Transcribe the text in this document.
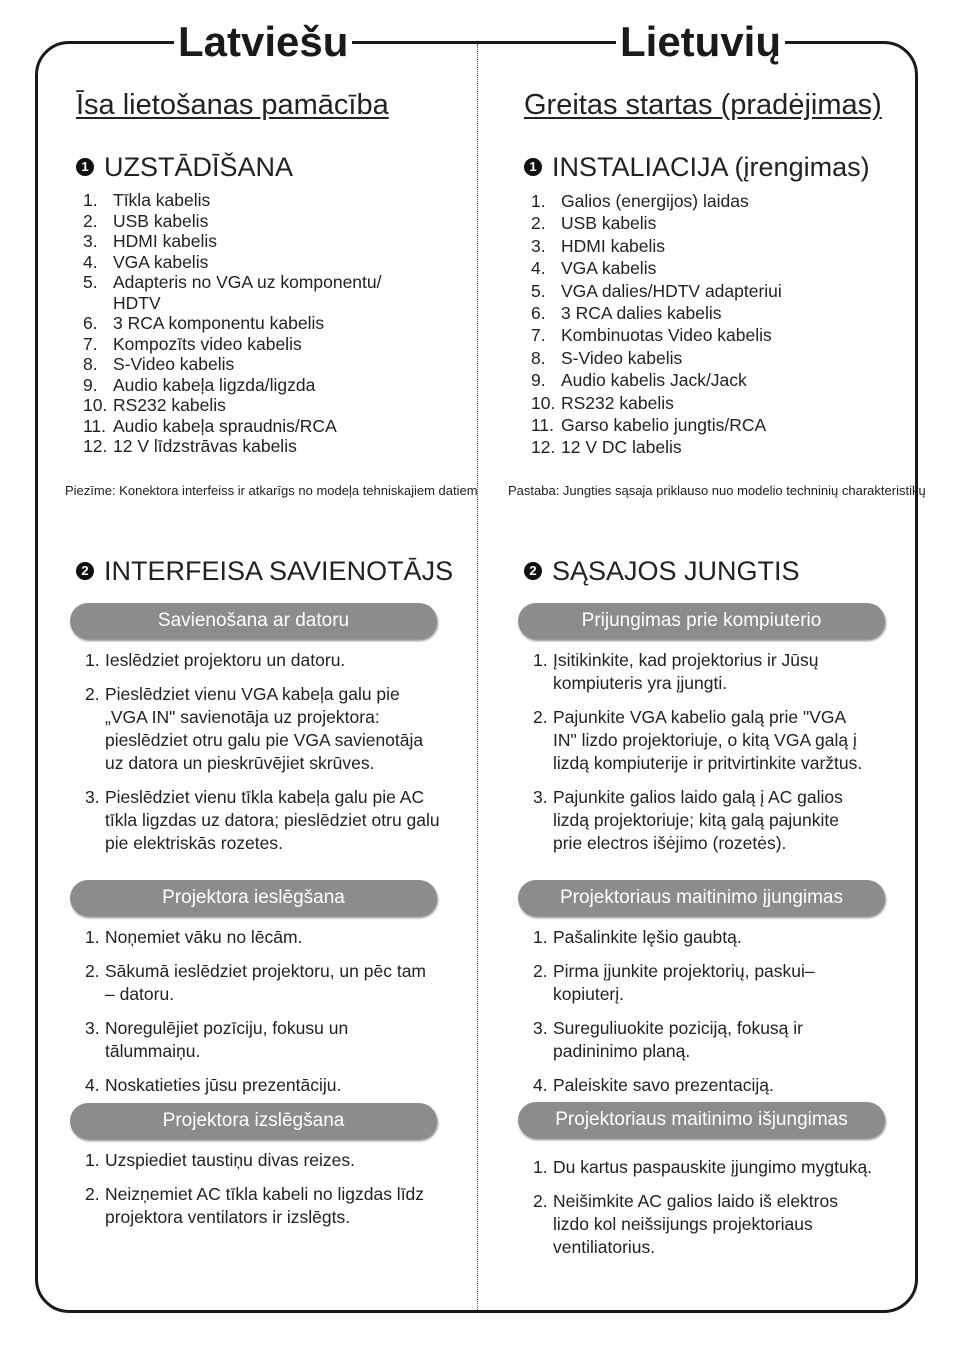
Latviešu
Īsa lietošanas pamācība
1 UZSTĀDĪŠANA
1. Tīkla kabelis
2. USB kabelis
3. HDMI kabelis
4. VGA kabelis
5. Adapteris no VGA uz komponentu/ HDTV
6. 3 RCA komponentu kabelis
7. Kompozīts video kabelis
8. S-Video kabelis
9. Audio kabeļa ligzda/ligzda
10. RS232 kabelis
11. Audio kabeļa spraudnis/RCA
12. 12 V līdzstrāvas kabelis
Piezīme: Konektora interfeiss ir atkarīgs no modeļa tehniskajiem datiem
2 INTERFEISA SAVIENOTĀJS
Savienošana ar datoru
1. Ieslēdziet projektoru un datoru.
2. Pieslēdziet vienu VGA kabeļa galu pie „VGA IN" savienotāja uz projektora: pieslēdziet otru galu pie VGA savienotāja uz datora un pieskrūvējiet skrūves.
3. Pieslēdziet vienu tīkla kabeļa galu pie AC tīkla ligzdas uz datora; pieslēdziet otru galu pie elektriskās rozetes.
Projektora ieslēgšana
1. Noņemiet vāku no lēcām.
2. Sākumā ieslēdziet projektoru, un pēc tam – datoru.
3. Noregulējiet pozīciju, fokusu un tālummaiņu.
4. Noskatieties jūsu prezentāciju.
Projektora izslēgšana
1. Uzspiediet taustiņu divas reizes.
2. Neizņemiet AC tīkla kabeli no ligzdas līdz projektora ventilators ir izslēgts.
Lietuvių
Greitas startas (pradėjimas)
1 INSTALIACIJA (įrengimas)
1. Galios (energijos) laidas
2. USB kabelis
3. HDMI kabelis
4. VGA kabelis
5. VGA dalies/HDTV adapteriui
6. 3 RCA dalies kabelis
7. Kombinuotas Video kabelis
8. S-Video kabelis
9. Audio kabelis Jack/Jack
10. RS232 kabelis
11. Garso kabelio jungtis/RCA
12. 12 V DC labelis
Pastaba: Jungties sąsaja priklauso nuo modelio techninių charakteristikų
2 SĄSAJOS JUNGTIS
Prijungimas prie kompiuterio
1. Įsitikinkite, kad projektorius ir Jūsų kompiuteris yra įjungti.
2. Pajunkite VGA kabelio galą prie "VGA IN" lizdo projektoriuje, o kitą VGA galą į lizdą kompiuterije ir pritvirtinkite varžtus.
3. Pajunkite galios laido galą į AC galios lizdą projektoriuje; kitą galą pajunkite prie electros išėjimo (rozetės).
Projektoriaus maitinimo įjungimas
1. Pašalinkite lęšio gaubtą.
2. Pirma įjunkite projektorių, paskui–kopiuterį.
3. Sureguliuokite poziciją, fokusą ir padininimo planą.
4. Paleiskite savo prezentaciją.
Projektoriaus maitinimo išjungimas
1. Du kartus paspauskite įjungimo mygtuką.
2. Neišimkite AC galios laido iš elektros lizdo kol neišsijungs projektoriaus ventiliatorius.
